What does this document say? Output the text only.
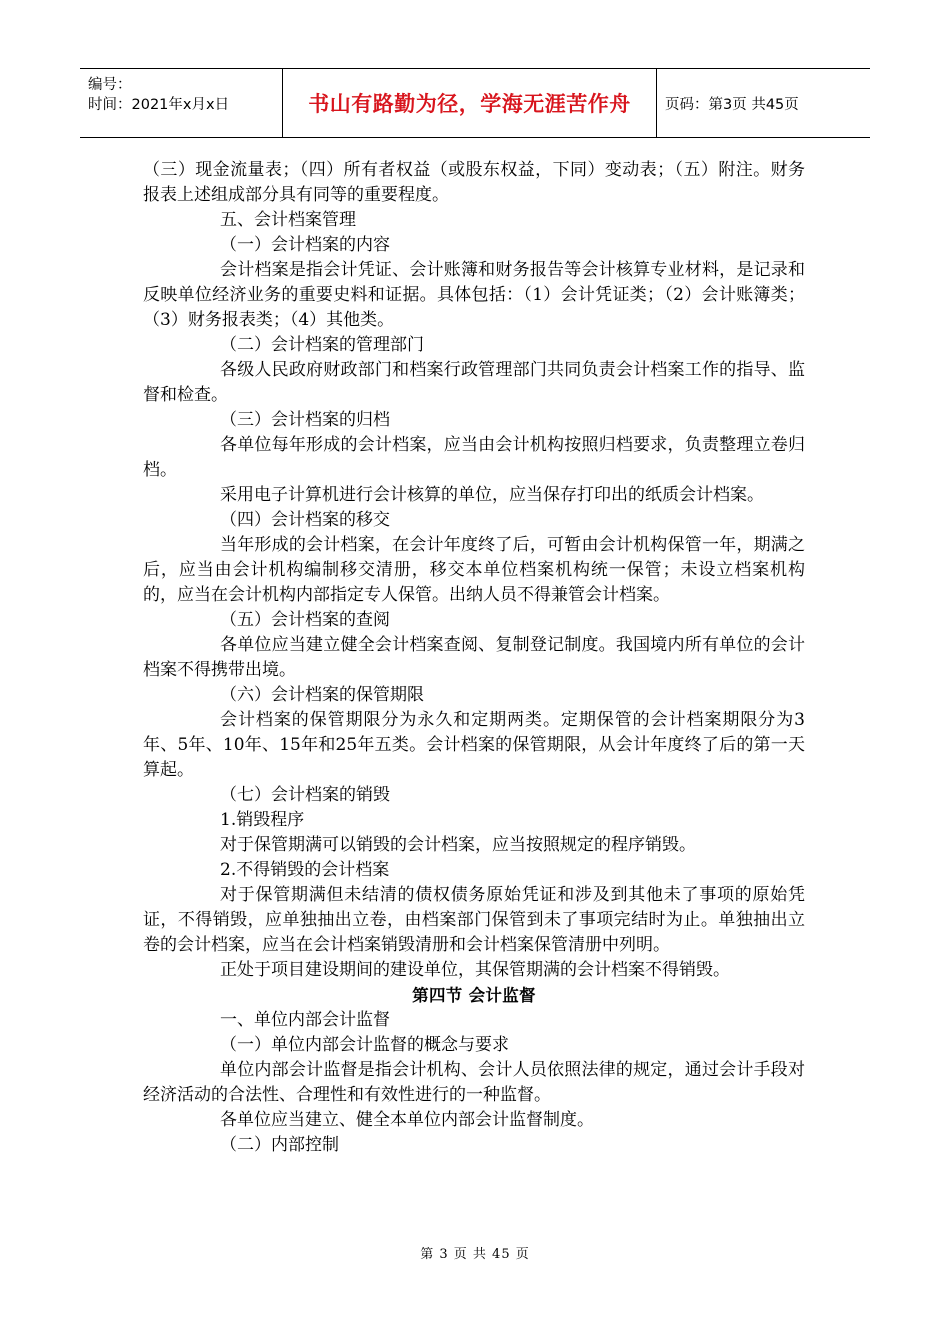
编号：
时间：2021年x月x日	书山有路勤为径，学海无涯苦作舟	页码：第3页 共45页

（三）现金流量表；（四）所有者权益（或股东权益，下同）变动表；（五）附注。财务报表上述组成部分具有同等的重要程度。

五、会计档案管理

（一）会计档案的内容

会计档案是指会计凭证、会计账簿和财务报告等会计核算专业材料，是记录和反映单位经济业务的重要史料和证据。具体包括：（1）会计凭证类；（2）会计账簿类；（3）财务报表类；（4）其他类。

（二）会计档案的管理部门

各级人民政府财政部门和档案行政管理部门共同负责会计档案工作的指导、监督和检查。

（三）会计档案的归档

各单位每年形成的会计档案，应当由会计机构按照归档要求，负责整理立卷归档。

采用电子计算机进行会计核算的单位，应当保存打印出的纸质会计档案。

（四）会计档案的移交

当年形成的会计档案，在会计年度终了后，可暂由会计机构保管一年，期满之后，应当由会计机构编制移交清册，移交本单位档案机构统一保管；未设立档案机构的，应当在会计机构内部指定专人保管。出纳人员不得兼管会计档案。

（五）会计档案的查阅

各单位应当建立健全会计档案查阅、复制登记制度。我国境内所有单位的会计档案不得携带出境。

（六）会计档案的保管期限

会计档案的保管期限分为永久和定期两类。定期保管的会计档案期限分为3年、5年、10年、15年和25年五类。会计档案的保管期限，从会计年度终了后的第一天算起。

（七）会计档案的销毁

1.销毁程序

对于保管期满可以销毁的会计档案，应当按照规定的程序销毁。

2.不得销毁的会计档案

对于保管期满但未结清的债权债务原始凭证和涉及到其他未了事项的原始凭证，不得销毁，应单独抽出立卷，由档案部门保管到未了事项完结时为止。单独抽出立卷的会计档案，应当在会计档案销毁清册和会计档案保管清册中列明。

正处于项目建设期间的建设单位，其保管期满的会计档案不得销毁。

第四节 会计监督

一、单位内部会计监督

（一）单位内部会计监督的概念与要求

单位内部会计监督是指会计机构、会计人员依照法律的规定，通过会计手段对经济活动的合法性、合理性和有效性进行的一种监督。

各单位应当建立、健全本单位内部会计监督制度。

（二）内部控制

第 3 页 共 45 页
